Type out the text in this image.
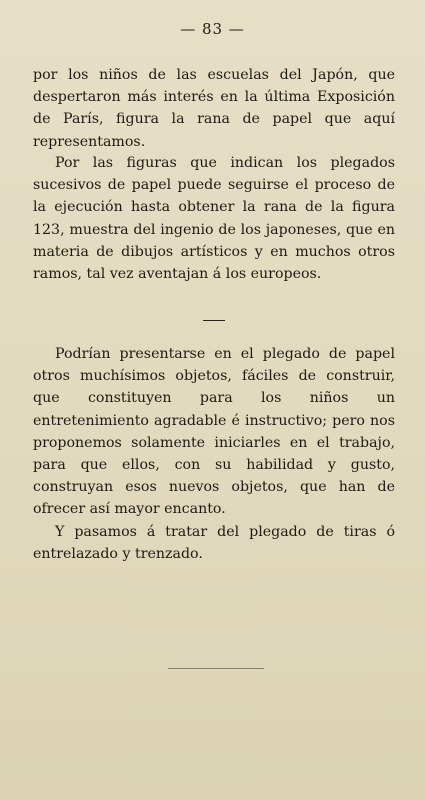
— 83 —

por los niños de las escuelas del Japón, que despertaron más interés en la última Exposición de París, figura la rana de papel que aquí representamos.

Por las figuras que indican los plegados sucesivos de papel puede seguirse el proceso de la ejecución hasta obtener la rana de la figura 123, muestra del ingenio de los japoneses, que en materia de dibujos artísticos y en muchos otros ramos, tal vez aventajan á los europeos.

Podrían presentarse en el plegado de papel otros muchísimos objetos, fáciles de construir, que constituyen para los niños un entretenimiento agradable é instructivo; pero nos proponemos solamente iniciarles en el trabajo, para que ellos, con su habilidad y gusto, construyan esos nuevos objetos, que han de ofrecer así mayor encanto.

Y pasamos á tratar del plegado de tiras ó entrelazado y trenzado.
